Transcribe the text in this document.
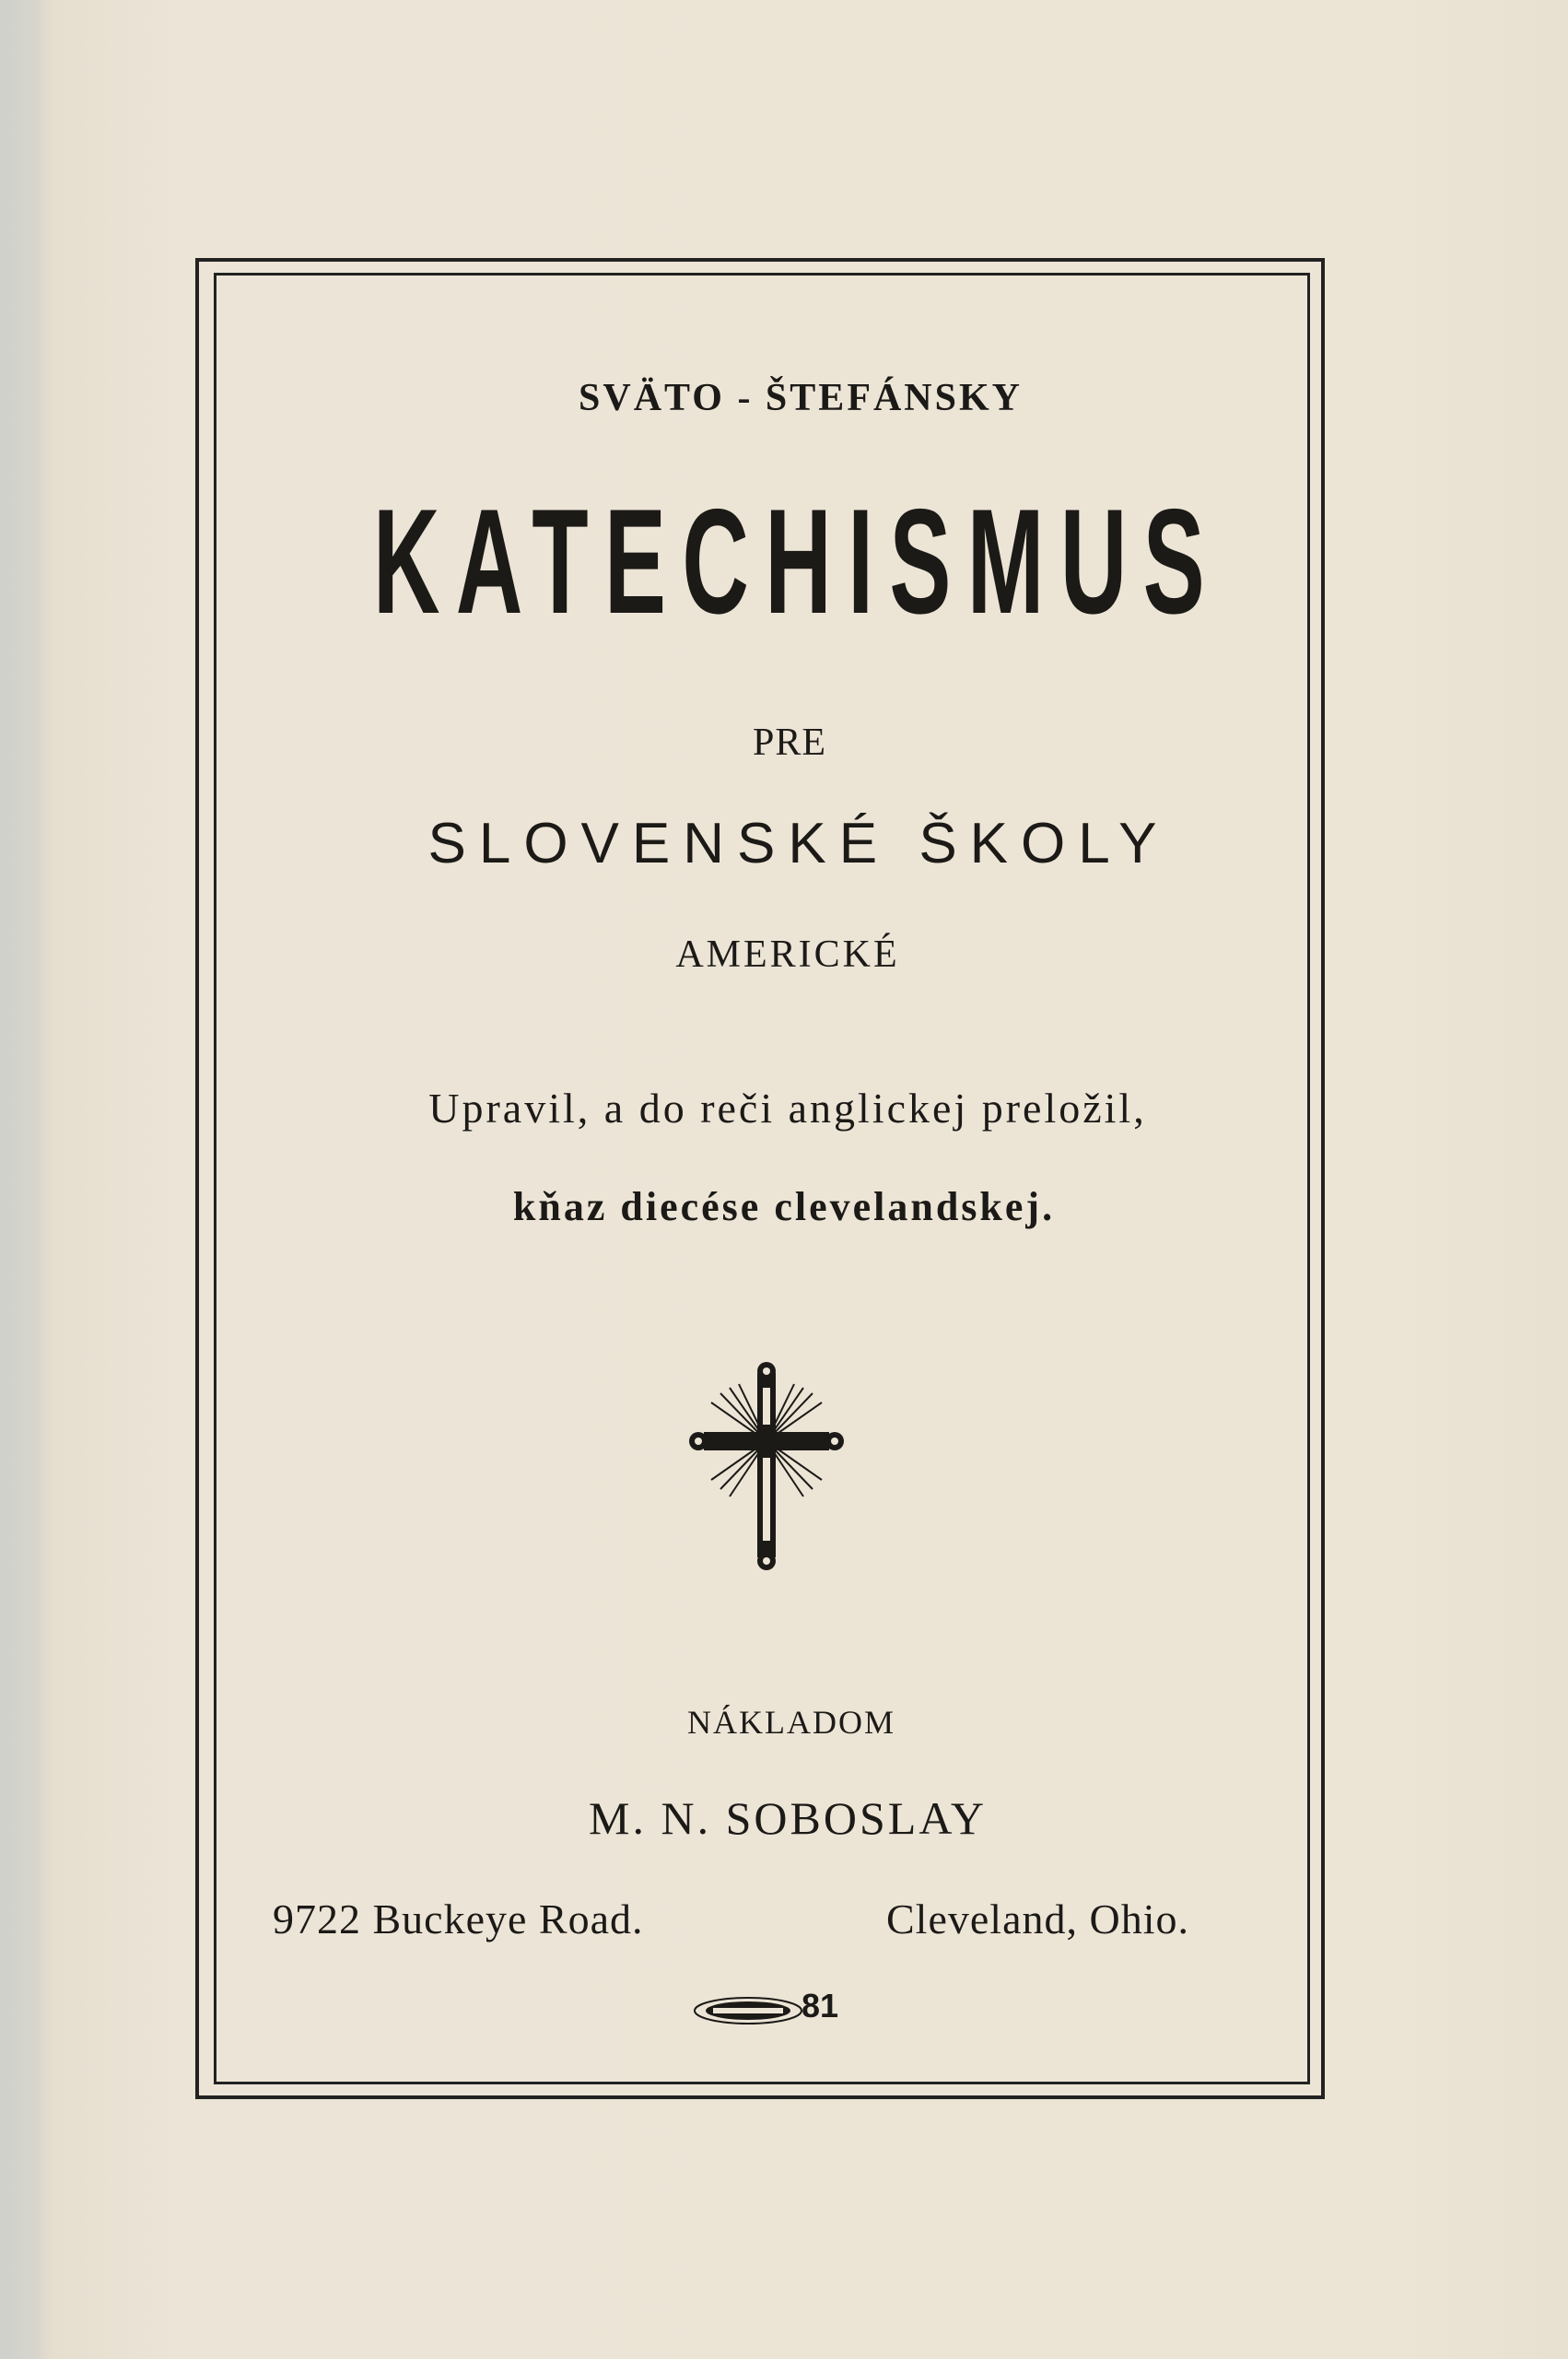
SVÄTO - ŠTEFÁNSKY
KATECHISMUS
PRE
SLOVENSKÉ ŠKOLY
AMERICKÉ
Upravil, a do reči anglickej preložil,
kňaz diecése clevelandskej.
NÁKLADOM
M. N. SOBOSLAY
9722 Buckeye Road.	Cleveland, Ohio.
81
